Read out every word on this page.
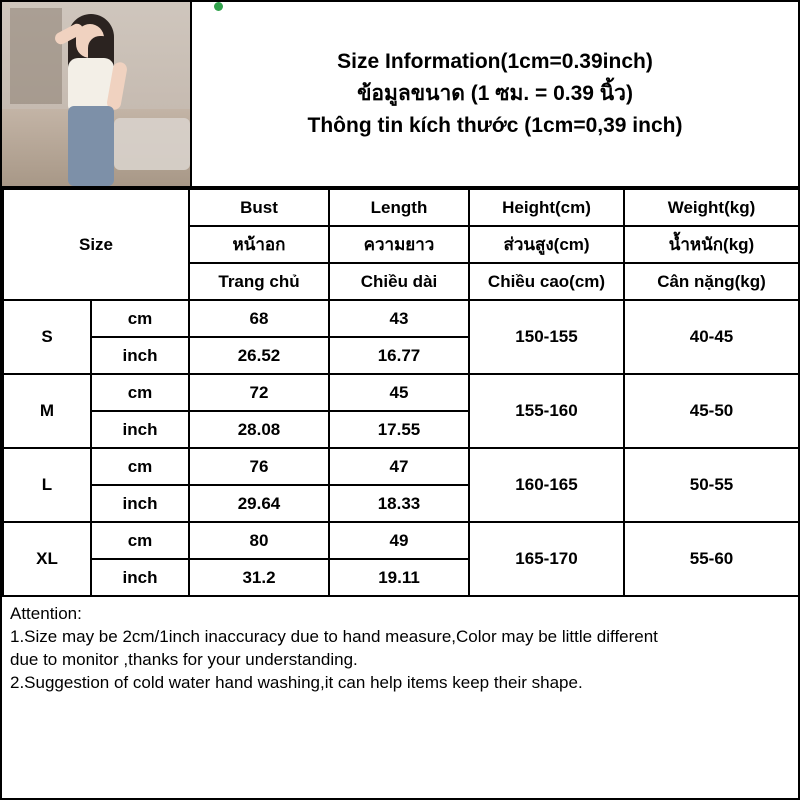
Size Information(1cm=0.39inch)
ข้อมูลขนาด (1 ซม. = 0.39 นิ้ว)
Thông tin kích thước (1cm=0,39 inch)
Size		Bust	Length	Height(cm)	Weight(kg)
		หน้าอก	ความยาว	ส่วนสูง(cm)	น้ำหนัก(kg)
		Trang chủ	Chiều dài	Chiều cao(cm)	Cân nặng(kg)
S	cm	68	43	150-155	40-45
	inch	26.52	16.77		
M	cm	72	45	155-160	45-50
	inch	28.08	17.55		
L	cm	76	47	160-165	50-55
	inch	29.64	18.33		
XL	cm	80	49	165-170	55-60
	inch	31.2	19.11		

Attention:

1.Size may be 2cm/1inch inaccuracy due to hand measure,Color may be little different

due to monitor ,thanks for your understanding.

2.Suggestion of cold water hand washing,it can help items keep their shape.
